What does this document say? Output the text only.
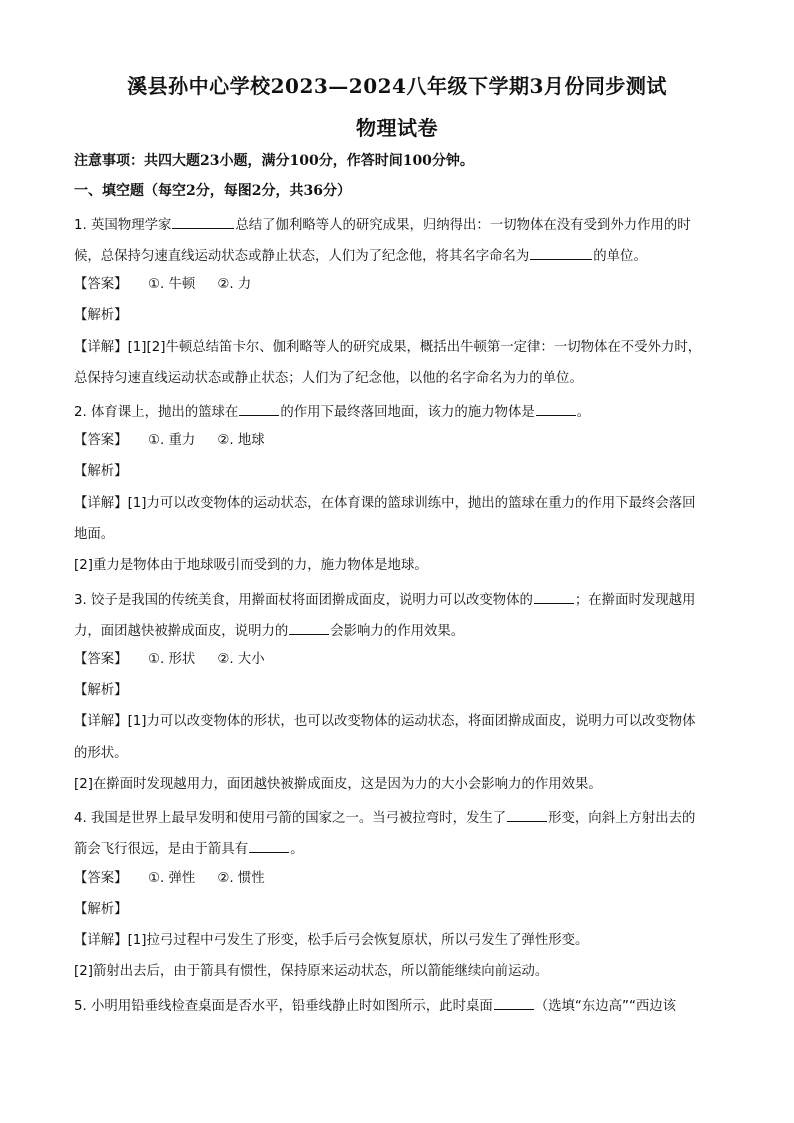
溪县孙中心学校2023—2024八年级下学期3月份同步测试
物理试卷
注意事项：共四大题23小题，满分100分，作答时间100分钟。
一、填空题（每空2分，每图2分，共36分）
1. 英国物理学家	总结了伽利略等人的研究成果，归纳得出：一切物体在没有受到外力作用的时
候，总保持匀速直线运动状态或静止状态，人们为了纪念他，将其名字命名为	的单位。
【答案】 ①. 牛顿 ②. 力
【解析】
【详解】[1][2]牛顿总结笛卡尔、伽利略等人的研究成果，概括出牛顿第一定律：一切物体在不受外力时，
总保持匀速直线运动状态或静止状态；人们为了纪念他，以他的名字命名为力的单位。
2. 体育课上，抛出的篮球在	的作用下最终落回地面，该力的施力物体是	。
【答案】 ①. 重力 ②. 地球
【解析】
【详解】[1]力可以改变物体的运动状态，在体育课的篮球训练中，抛出的篮球在重力的作用下最终会落回
地面。
[2]重力是物体由于地球吸引而受到的力，施力物体是地球。
3. 饺子是我国的传统美食，用擀面杖将面团擀成面皮，说明力可以改变物体的	；在擀面时发现越用
力，面团越快被擀成面皮，说明力的	会影响力的作用效果。
【答案】 ①. 形状 ②. 大小
【解析】
【详解】[1]力可以改变物体的形状，也可以改变物体的运动状态，将面团擀成面皮，说明力可以改变物体
的形状。
[2]在擀面时发现越用力，面团越快被擀成面皮，这是因为力的大小会影响力的作用效果。
4. 我国是世界上最早发明和使用弓箭的国家之一。当弓被拉弯时，发生了	形变，向斜上方射出去的
箭会飞行很远，是由于箭具有	。
【答案】 ①. 弹性 ②. 惯性
【解析】
【详解】[1]拉弓过程中弓发生了形变，松手后弓会恢复原状，所以弓发生了弹性形变。
[2]箭射出去后，由于箭具有惯性，保持原来运动状态，所以箭能继续向前运动。
5. 小明用铅垂线检查桌面是否水平，铅垂线静止时如图所示，此时桌面	（选填“东边高”“西边该
